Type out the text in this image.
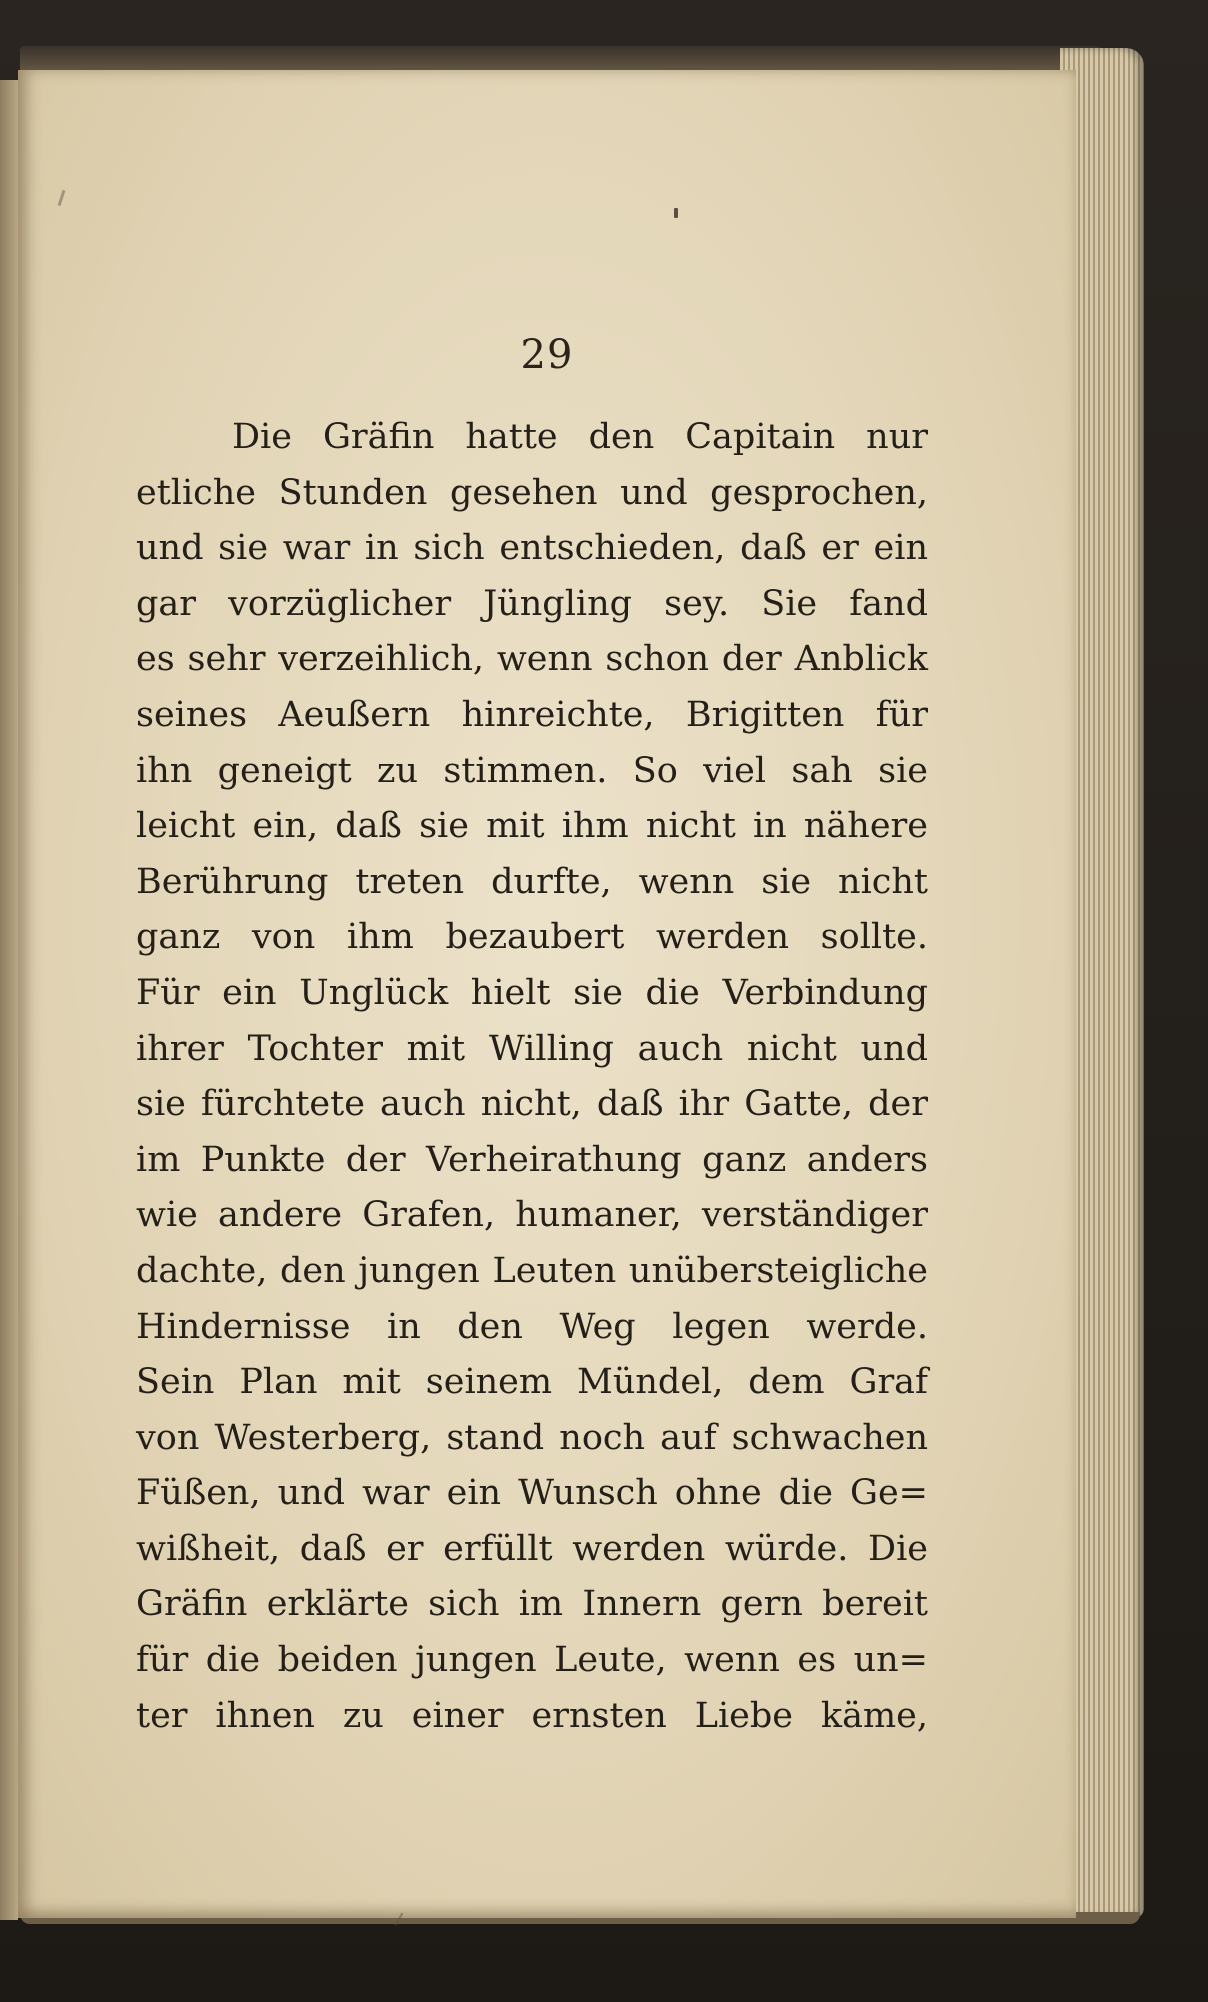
29
Die Gräfin hatte den Capitain nur
etliche Stunden gesehen und gesprochen,
und sie war in sich entschieden, daß er ein
gar vorzüglicher Jüngling sey. Sie fand
es sehr verzeihlich, wenn schon der Anblick
seines Aeußern hinreichte, Brigitten für
ihn geneigt zu stimmen. So viel sah sie
leicht ein, daß sie mit ihm nicht in nähere
Berührung treten durfte, wenn sie nicht
ganz von ihm bezaubert werden sollte.
Für ein Unglück hielt sie die Verbindung
ihrer Tochter mit Willing auch nicht und
sie fürchtete auch nicht, daß ihr Gatte, der
im Punkte der Verheirathung ganz anders
wie andere Grafen, humaner, verständiger
dachte, den jungen Leuten unübersteigliche
Hindernisse in den Weg legen werde.
Sein Plan mit seinem Mündel, dem Graf
von Westerberg, stand noch auf schwachen
Füßen, und war ein Wunsch ohne die Ge=
wißheit, daß er erfüllt werden würde. Die
Gräfin erklärte sich im Innern gern bereit
für die beiden jungen Leute, wenn es un=
ter ihnen zu einer ernsten Liebe käme,
